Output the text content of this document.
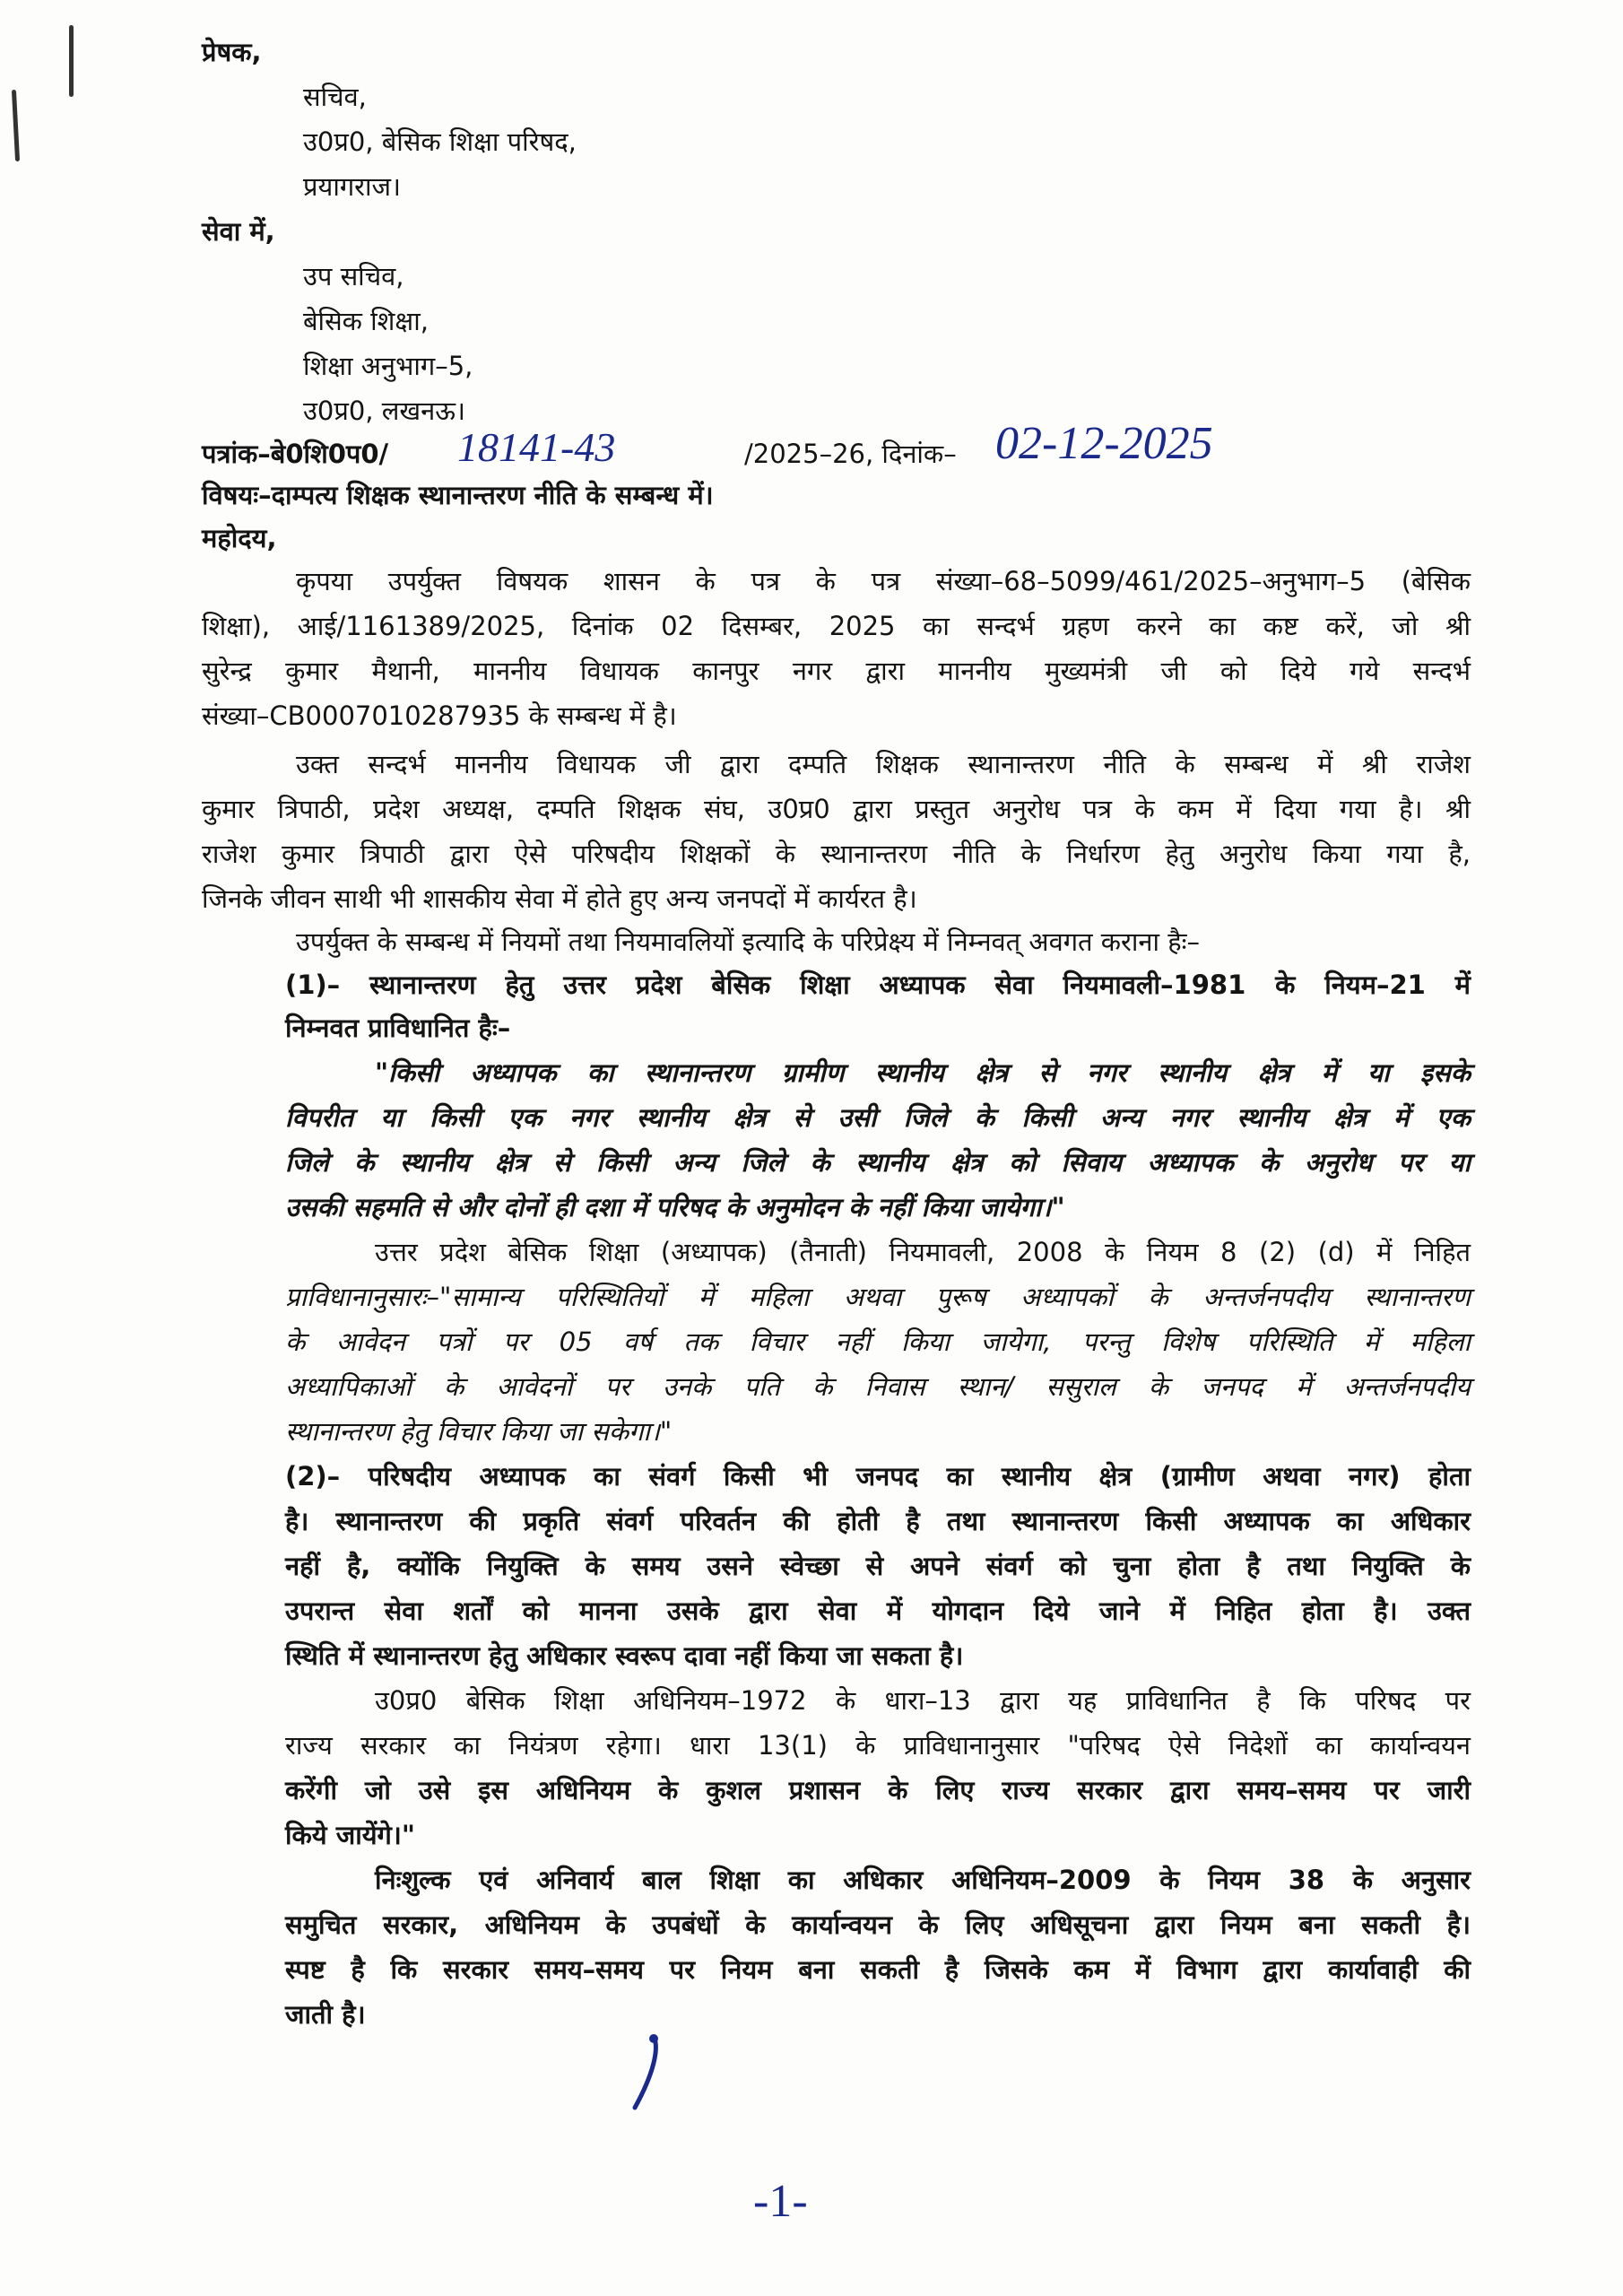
प्रेषक,
सचिव,
उ0प्र0, बेसिक शिक्षा परिषद,
प्रयागराज।
सेवा में,
उप सचिव,
बेसिक शिक्षा,
शिक्षा अनुभाग–5,
उ0प्र0, लखनऊ।
पत्रांक–बे0शि0प0/ 18141-43	/2025–26, दिनांक– 02-12-2025
विषयः–दाम्पत्य शिक्षक स्थानान्तरण नीति के सम्बन्ध में।
महोदय,
कृपया उपर्युक्त विषयक शासन के पत्र के पत्र संख्या–68–5099/461/2025–अनुभाग–5 (बेसिक
शिक्षा), आई/1161389/2025, दिनांक 02 दिसम्बर, 2025 का सन्दर्भ ग्रहण करने का कष्ट करें, जो श्री
सुरेन्द्र कुमार मैथानी, माननीय विधायक कानपुर नगर द्वारा माननीय मुख्यमंत्री जी को दिये गये सन्दर्भ
संख्या–CB0007010287935 के सम्बन्ध में है।
उक्त सन्दर्भ माननीय विधायक जी द्वारा दम्पति शिक्षक स्थानान्तरण नीति के सम्बन्ध में श्री राजेश
कुमार त्रिपाठी, प्रदेश अध्यक्ष, दम्पति शिक्षक संघ, उ0प्र0 द्वारा प्रस्तुत अनुरोध पत्र के कम में दिया गया है। श्री
राजेश कुमार त्रिपाठी द्वारा ऐसे परिषदीय शिक्षकों के स्थानान्तरण नीति के निर्धारण हेतु अनुरोध किया गया है,
जिनके जीवन साथी भी शासकीय सेवा में होते हुए अन्य जनपदों में कार्यरत है।
उपर्युक्त के सम्बन्ध में नियमों तथा नियमावलियों इत्यादि के परिप्रेक्ष्य में निम्नवत् अवगत कराना हैः–
(1)– स्थानान्तरण हेतु उत्तर प्रदेश बेसिक शिक्षा अध्यापक सेवा नियमावली–1981 के नियम–21 में
निम्नवत प्राविधानित हैः–
"किसी अध्यापक का स्थानान्तरण ग्रामीण स्थानीय क्षेत्र से नगर स्थानीय क्षेत्र में या इसके
विपरीत या किसी एक नगर स्थानीय क्षेत्र से उसी जिले के किसी अन्य नगर स्थानीय क्षेत्र में एक
जिले के स्थानीय क्षेत्र से किसी अन्य जिले के स्थानीय क्षेत्र को सिवाय अध्यापक के अनुरोध पर या
उसकी सहमति से और दोनों ही दशा में परिषद के अनुमोदन के नहीं किया जायेगा।"
उत्तर प्रदेश बेसिक शिक्षा (अध्यापक) (तैनाती) नियमावली, 2008 के नियम 8 (2) (d) में निहित
प्राविधानानुसारः–"सामान्य परिस्थितियों में महिला अथवा पुरूष अध्यापकों के अन्तर्जनपदीय स्थानान्तरण
के आवेदन पत्रों पर 05 वर्ष तक विचार नहीं किया जायेगा, परन्तु विशेष परिस्थिति में महिला
अध्यापिकाओं के आवेदनों पर उनके पति के निवास स्थान/ ससुराल के जनपद में अन्तर्जनपदीय
स्थानान्तरण हेतु विचार किया जा सकेगा।"
(2)– परिषदीय अध्यापक का संवर्ग किसी भी जनपद का स्थानीय क्षेत्र (ग्रामीण अथवा नगर) होता
है। स्थानान्तरण की प्रकृति संवर्ग परिवर्तन की होती है तथा स्थानान्तरण किसी अध्यापक का अधिकार
नहीं है, क्योंकि नियुक्ति के समय उसने स्वेच्छा से अपने संवर्ग को चुना होता है तथा नियुक्ति के
उपरान्त सेवा शर्तों को मानना उसके द्वारा सेवा में योगदान दिये जाने में निहित होता है। उक्त
स्थिति में स्थानान्तरण हेतु अधिकार स्वरूप दावा नहीं किया जा सकता है।
उ0प्र0 बेसिक शिक्षा अधिनियम–1972 के धारा–13 द्वारा यह प्राविधानित है कि परिषद पर
राज्य सरकार का नियंत्रण रहेगा। धारा 13(1) के प्राविधानानुसार "परिषद ऐसे निदेशों का कार्यान्वयन
करेंगी जो उसे इस अधिनियम के कुशल प्रशासन के लिए राज्य सरकार द्वारा समय–समय पर जारी
किये जायेंगे।"
निःशुल्क एवं अनिवार्य बाल शिक्षा का अधिकार अधिनियम–2009 के नियम 38 के अनुसार
समुचित सरकार, अधिनियम के उपबंधों के कार्यान्वयन के लिए अधिसूचना द्वारा नियम बना सकती है।
स्पष्ट है कि सरकार समय–समय पर नियम बना सकती है जिसके कम में विभाग द्वारा कार्यावाही की
जाती है।
-1-
